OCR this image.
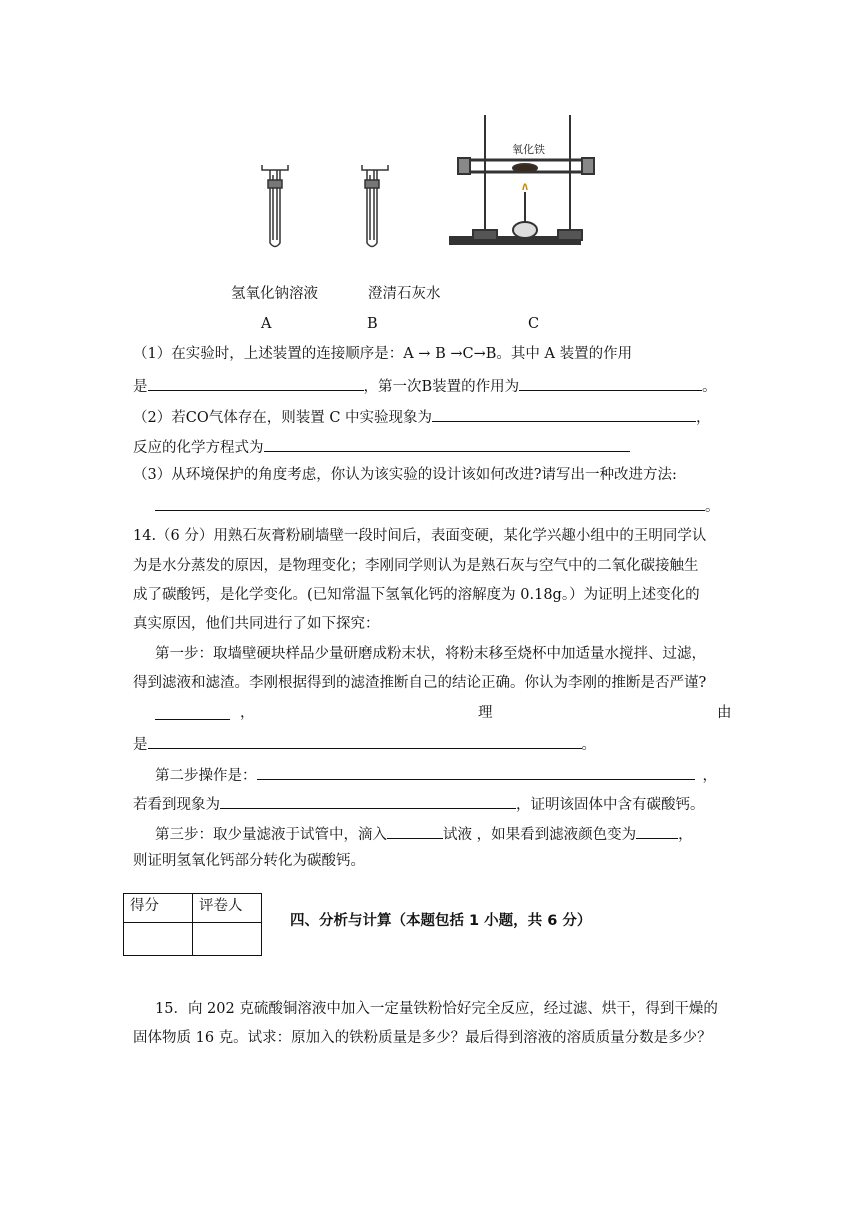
氧化铁
氢氧化钠溶液	澄清石灰水
A	B	C
（1）在实验时，上述装置的连接顺序是：A → B →C→B。其中 A 装置的作用
是	，第一次B装置的作用为	。
（2）若CO气体存在，则装置 C 中实验现象为	，
反应的化学方程式为
（3）从环境保护的角度考虑，你认为该实验的设计该如何改进?请写出一种改进方法:
。
14.（6 分）用熟石灰膏粉刷墙壁一段时间后，表面变硬，某化学兴趣小组中的王明同学认
为是水分蒸发的原因，是物理变化；李刚同学则认为是熟石灰与空气中的二氧化碳接触生
成了碳酸钙，是化学变化。(已知常温下氢氧化钙的溶解度为 0.18g。）为证明上述变化的
真实原因，他们共同进行了如下探究：
第一步：取墙壁硬块样品少量研磨成粉末状，将粉末移至烧杯中加适量水搅拌、过滤，
得到滤液和滤渣。李刚根据得到的滤渣推断自己的结论正确。你认为李刚的推断是否严谨?
，	理	由
是	。
第二步操作是：	，
若看到现象为	，证明该固体中含有碳酸钙。
第三步：取少量滤液于试管中，滴入	试液 ，如果看到滤液颜色变为	，
则证明氢氧化钙部分转化为碳酸钙。
得分	评卷人

四、分析与计算（本题包括 1 小题，共 6 分）
15．向 202 克硫酸铜溶液中加入一定量铁粉恰好完全反应，经过滤、烘干，得到干燥的
固体物质 16 克。试求：原加入的铁粉质量是多少？最后得到溶液的溶质质量分数是多少？
